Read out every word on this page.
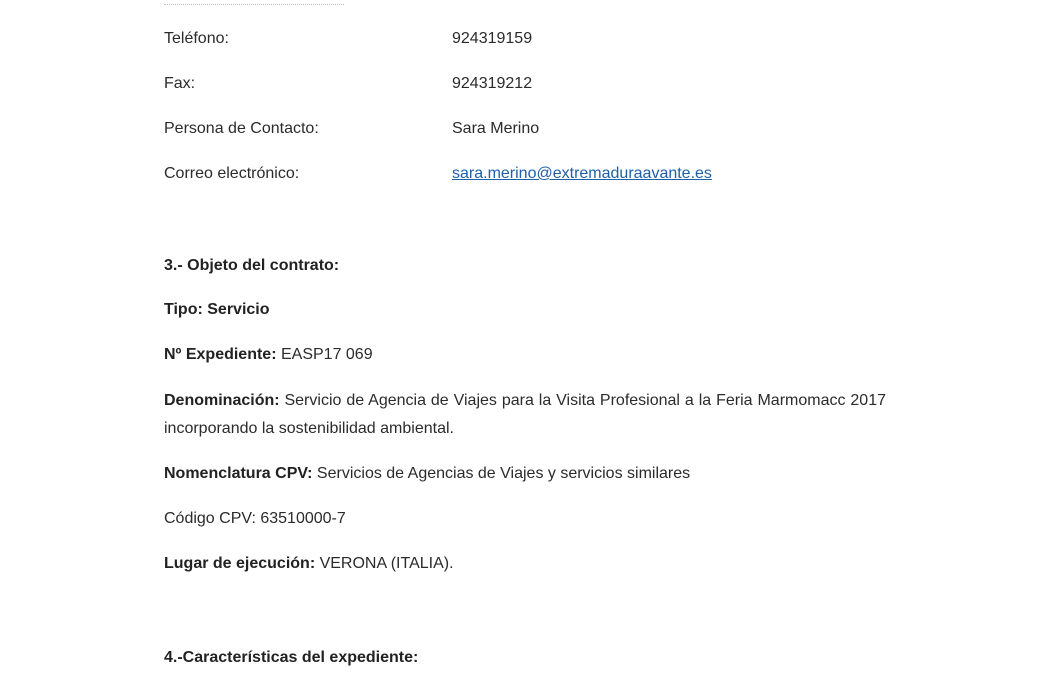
Teléfono:	924319159
Fax:	924319212
Persona de Contacto:	Sara Merino
Correo electrónico:	sara.merino@extremaduraavante.es
3.- Objeto del contrato:
Tipo: Servicio
Nº Expediente: EASP17 069
Denominación: Servicio de Agencia de Viajes para la Visita Profesional a la Feria Marmomacc 2017 incorporando la sostenibilidad ambiental.
Nomenclatura CPV: Servicios de Agencias de Viajes y servicios similares
Código CPV: 63510000-7
Lugar de ejecución: VERONA (ITALIA).
4.-Características del expediente:
